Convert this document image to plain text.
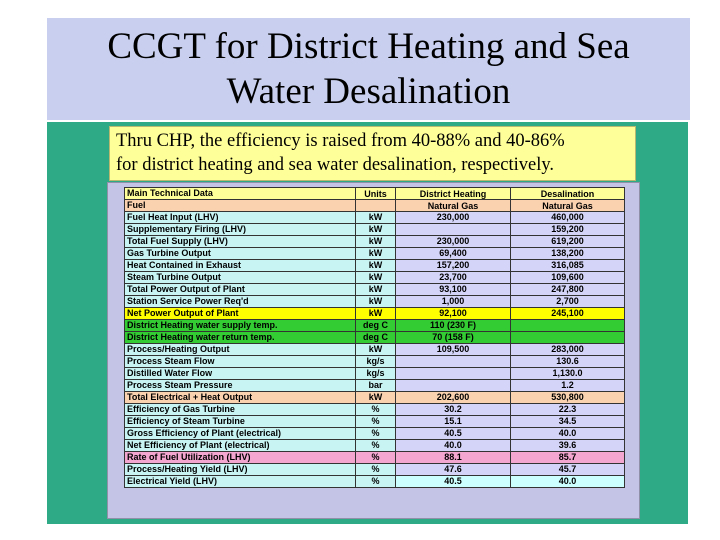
CCGT for District Heating and Sea
Water Desalination
Main Technical Data	Units	District Heating	Desalination
Fuel		Natural Gas	Natural Gas
Fuel Heat Input (LHV)	kW	230,000	460,000
Supplementary Firing (LHV)	kW		159,200
Total Fuel Supply (LHV)	kW	230,000	619,200
Gas Turbine Output	kW	69,400	138,200
Heat Contained in Exhaust	kW	157,200	316,085
Steam Turbine Output	kW	23,700	109,600
Total Power Output of Plant	kW	93,100	247,800
Station Service Power Req'd	kW	1,000	2,700
Net Power Output of Plant	kW	92,100	245,100
District Heating water supply temp.	deg C	110 (230 F)	
District Heating water return temp.	deg C	70 (158 F)	
Process/Heating Output	kW	109,500	283,000
Process Steam Flow	kg/s		130.6
Distilled Water Flow	kg/s		1,130.0
Process Steam Pressure	bar		1.2
Total Electrical + Heat Output	kW	202,600	530,800
Efficiency of Gas Turbine	%	30.2	22.3
Efficiency of Steam Turbine	%	15.1	34.5
Gross Efficiency of Plant (electrical)	%	40.5	40.0
Net Efficiency of Plant (electrical)	%	40.0	39.6
Rate of Fuel Utilization (LHV)	%	88.1	85.7
Process/Heating Yield (LHV)	%	47.6	45.7
Electrical Yield (LHV)	%	40.5	40.0
Thru CHP, the efficiency is raised from 40-88% and 40-86%
for district heating and sea water desalination, respectively.
